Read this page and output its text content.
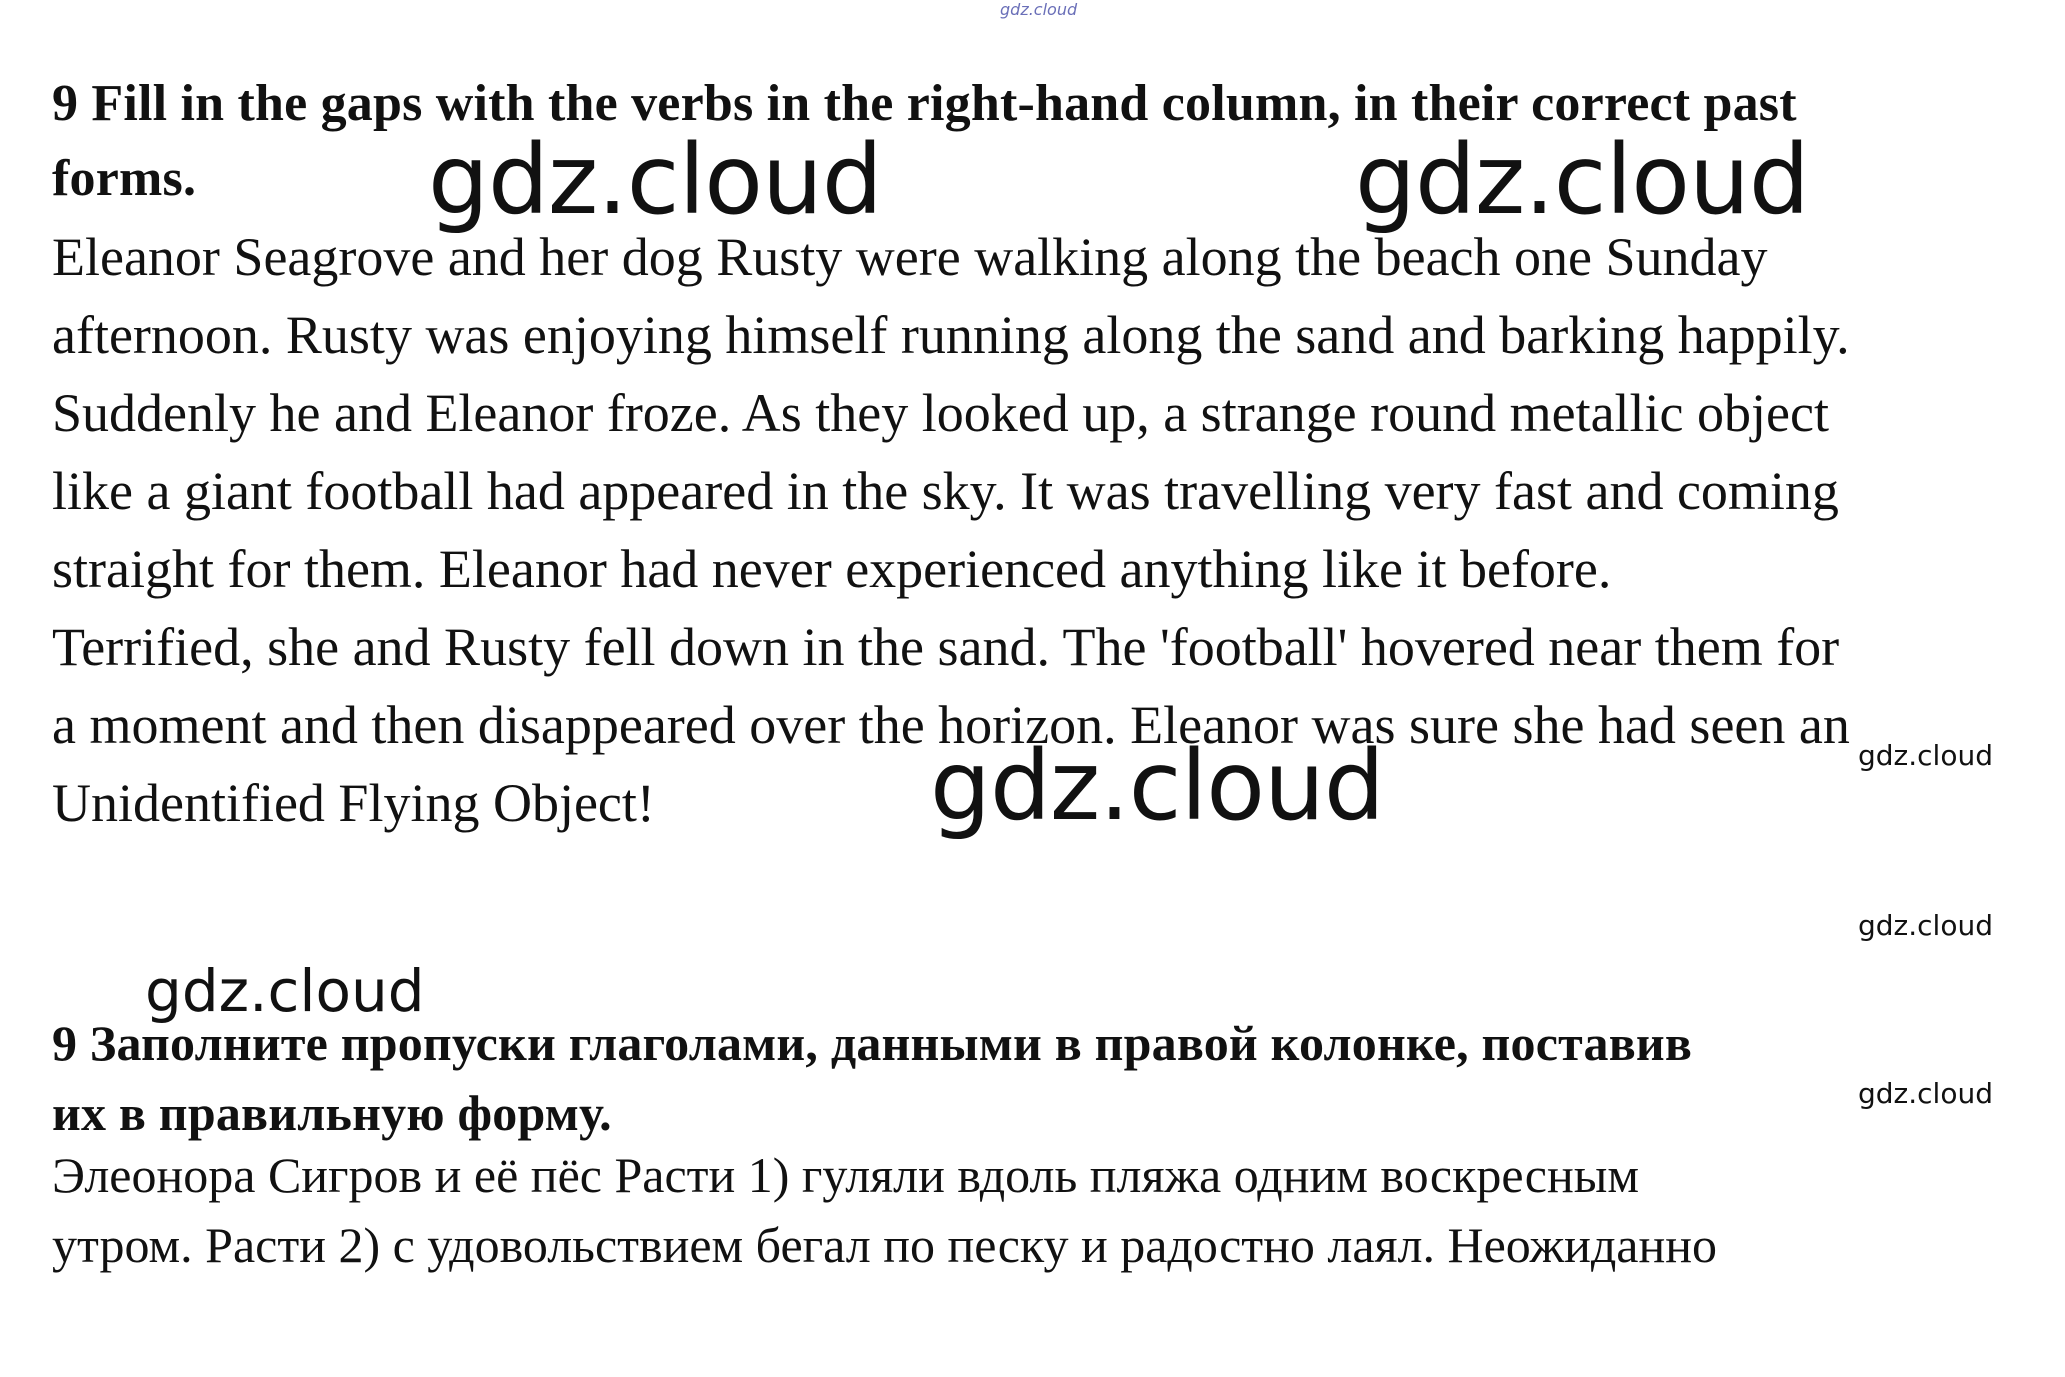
gdz.cloud
9 Fill in the gaps with the verbs in the right-hand column, in their correct past
forms.	gdz.cloud	gdz.cloud

Eleanor Seagrove and her dog Rusty were walking along the beach one Sunday
afternoon. Rusty was enjoying himself running along the sand and barking happily.
Suddenly he and Eleanor froze. As they looked up, a strange round metallic object
like a giant football had appeared in the sky. It was travelling very fast and coming
straight for them. Eleanor had never experienced anything like it before.
Terrified, she and Rusty fell down in the sand. The 'football' hovered near them for
a moment and then disappeared over the horizon. Eleanor was sure she had seen an
Unidentified Flying Object!	gdz.cloud	gdz.cloud
gdz.cloud
gdz.cloud
9 Заполните пропуски глаголами, данными в правой колонке, поставив
их в правильную форму.	gdz.cloud

Элеонора Сигров и её пёс Расти 1) гуляли вдоль пляжа одним воскресным
утром. Расти 2) с удовольствием бегал по песку и радостно лаял. Неожиданно
